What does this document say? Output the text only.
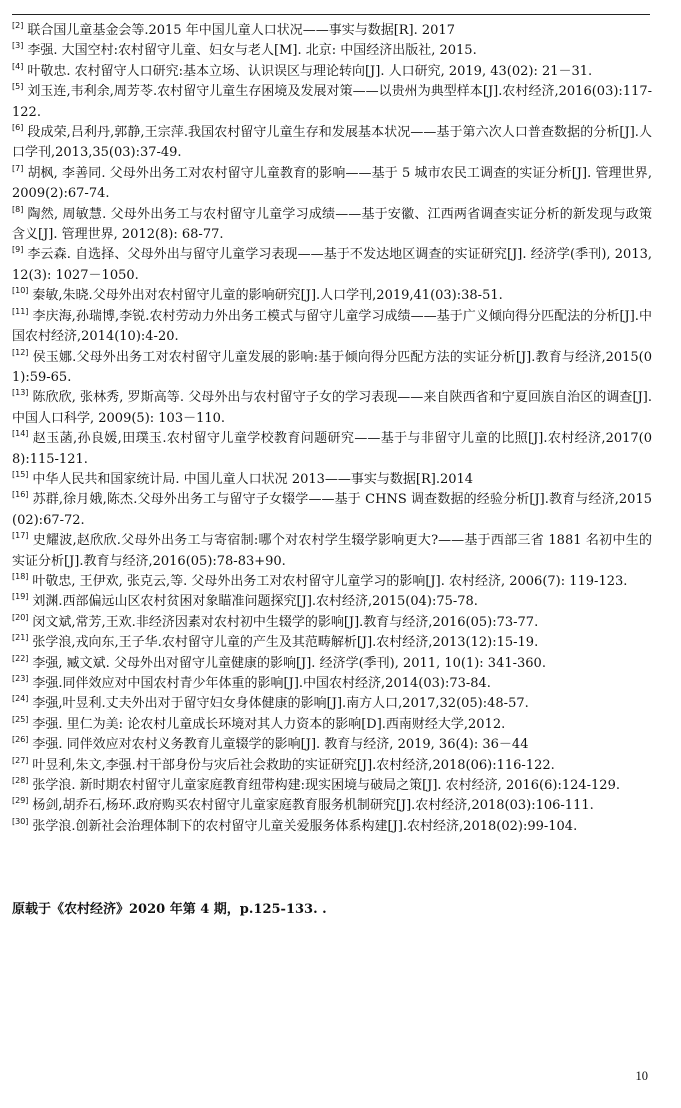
[2] 联合国儿童基金会等.2015 年中国儿童人口状况——事实与数据[R]. 2017
[3] 李强. 大国空村:农村留守儿童、妇女与老人[M]. 北京: 中国经济出版社, 2015.
[4] 叶敬忠. 农村留守人口研究:基本立场、认识误区与理论转向[J]. 人口研究, 2019, 43(02): 21－31.
[5] 刘玉连,韦利余,周芳苓.农村留守儿童生存困境及发展对策——以贵州为典型样本[J].农村经济,2016(03):117-122.
[6] 段成荣,吕利丹,郭静,王宗萍.我国农村留守儿童生存和发展基本状况——基于第六次人口普查数据的分析[J].人口学刊,2013,35(03):37-49.
[7] 胡枫, 李善同. 父母外出务工对农村留守儿童教育的影响——基于 5 城市农民工调查的实证分析[J]. 管理世界, 2009(2):67-74.
[8] 陶然, 周敏慧. 父母外出务工与农村留守儿童学习成绩——基于安徽、江西两省调查实证分析的新发现与政策含义[J]. 管理世界, 2012(8): 68-77.
[9] 李云森. 自选择、父母外出与留守儿童学习表现——基于不发达地区调查的实证研究[J]. 经济学(季刊), 2013, 12(3): 1027－1050.
[10] 秦敏,朱晓.父母外出对农村留守儿童的影响研究[J].人口学刊,2019,41(03):38-51.
[11] 李庆海,孙瑞博,李锐.农村劳动力外出务工模式与留守儿童学习成绩——基于广义倾向得分匹配法的分析[J].中国农村经济,2014(10):4-20.
[12] 侯玉娜.父母外出务工对农村留守儿童发展的影响:基于倾向得分匹配方法的实证分析[J].教育与经济,2015(01):59-65.
[13] 陈欣欣, 张林秀, 罗斯高等. 父母外出与农村留守子女的学习表现——来自陕西省和宁夏回族自治区的调查[J]. 中国人口科学, 2009(5): 103－110.
[14] 赵玉菡,孙良媛,田璞玉.农村留守儿童学校教育问题研究——基于与非留守儿童的比照[J].农村经济,2017(08):115-121.
[15] 中华人民共和国家统计局. 中国儿童人口状况 2013——事实与数据[R].2014
[16] 苏群,徐月娥,陈杰.父母外出务工与留守子女辍学——基于 CHNS 调查数据的经验分析[J].教育与经济,2015(02):67-72.
[17] 史耀波,赵欣欣.父母外出务工与寄宿制:哪个对农村学生辍学影响更大?——基于西部三省 1881 名初中生的实证分析[J].教育与经济,2016(05):78-83+90.
[18] 叶敬忠, 王伊欢, 张克云,等. 父母外出务工对农村留守儿童学习的影响[J]. 农村经济, 2006(7): 119-123.
[19] 刘渊.西部偏远山区农村贫困对象瞄准问题探究[J].农村经济,2015(04):75-78.
[20] 闵文斌,常芳,王欢.非经济因素对农村初中生辍学的影响[J].教育与经济,2016(05):73-77.
[21] 张学浪,戎向东,王子华.农村留守儿童的产生及其范畴解析[J].农村经济,2013(12):15-19.
[22] 李强, 臧文斌. 父母外出对留守儿童健康的影响[J]. 经济学(季刊), 2011, 10(1): 341-360.
[23] 李强.同伴效应对中国农村青少年体重的影响[J].中国农村经济,2014(03):73-84.
[24] 李强,叶昱利.丈夫外出对于留守妇女身体健康的影响[J].南方人口,2017,32(05):48-57.
[25] 李强. 里仁为美: 论农村儿童成长环境对其人力资本的影响[D].西南财经大学,2012.
[26] 李强. 同伴效应对农村义务教育儿童辍学的影响[J]. 教育与经济, 2019, 36(4): 36－44
[27] 叶昱利,朱文,李强.村干部身份与灾后社会救助的实证研究[J].农村经济,2018(06):116-122.
[28] 张学浪. 新时期农村留守儿童家庭教育纽带构建:现实困境与破局之策[J]. 农村经济, 2016(6):124-129.
[29] 杨剑,胡乔石,杨环.政府购买农村留守儿童家庭教育服务机制研究[J].农村经济,2018(03):106-111.
[30] 张学浪.创新社会治理体制下的农村留守儿童关爱服务体系构建[J].农村经济,2018(02):99-104.
原载于《农村经济》2020 年第 4 期，p.125-133. .
10
